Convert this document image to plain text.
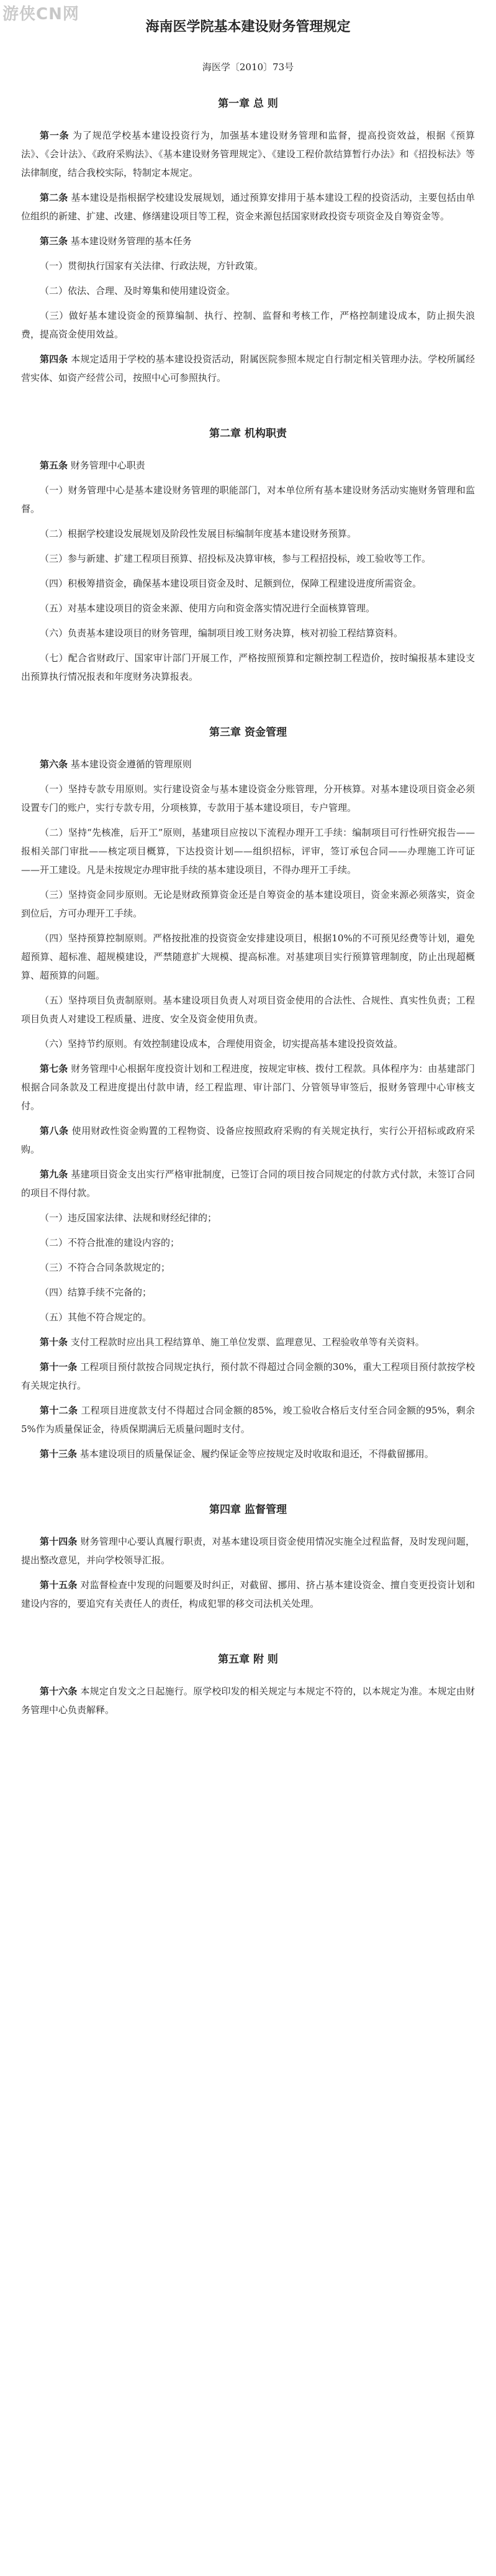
游侠CN网
海南医学院基本建设财务管理规定
海医学〔2010〕73号
第一章 总 则
第一条 为了规范学校基本建设投资行为，加强基本建设财务管理和监督，提高投资效益，根据《预算法》、《会计法》、《政府采购法》、《基本建设财务管理规定》、《建设工程价款结算暂行办法》和《招投标法》等法律制度，结合我校实际，特制定本规定。
第二条 基本建设是指根据学校建设发展规划，通过预算安排用于基本建设工程的投资活动，主要包括由单位组织的新建、扩建、改建、修缮建设项目等工程，资金来源包括国家财政投资专项资金及自筹资金等。
第三条 基本建设财务管理的基本任务
（一）贯彻执行国家有关法律、行政法规，方针政策。
（二）依法、合理、及时筹集和使用建设资金。
（三）做好基本建设资金的预算编制、执行、控制、监督和考核工作，严格控制建设成本，防止损失浪费，提高资金使用效益。
第四条 本规定适用于学校的基本建设投资活动，附属医院参照本规定自行制定相关管理办法。学校所属经营实体、如资产经营公司，按照中心可参照执行。
第二章 机构职责
第五条 财务管理中心职责
（一）财务管理中心是基本建设财务管理的职能部门，对本单位所有基本建设财务活动实施财务管理和监督。
（二）根据学校建设发展规划及阶段性发展目标编制年度基本建设财务预算。
（三）参与新建、扩建工程项目预算、招投标及决算审核，参与工程招投标，竣工验收等工作。
（四）积极筹措资金，确保基本建设项目资金及时、足额到位，保障工程建设进度所需资金。
（五）对基本建设项目的资金来源、使用方向和资金落实情况进行全面核算管理。
（六）负责基本建设项目的财务管理，编制项目竣工财务决算，核对初验工程结算资料。
（七）配合省财政厅、国家审计部门开展工作，严格按照预算和定额控制工程造价，按时编报基本建设支出预算执行情况报表和年度财务决算报表。
第三章 资金管理
第六条 基本建设资金遵循的管理原则
（一）坚持专款专用原则。实行建设资金与基本建设资金分账管理，分开核算。对基本建设项目资金必须设置专门的账户，实行专款专用，分项核算，专款用于基本建设项目，专户管理。
（二）坚持“先核准，后开工”原则，基建项目应按以下流程办理开工手续：编制项目可行性研究报告——报相关部门审批——核定项目概算，下达投资计划——组织招标，评审，签订承包合同——办理施工许可证——开工建设。凡是未按规定办理审批手续的基本建设项目，不得办理开工手续。
（三）坚持资金同步原则。无论是财政预算资金还是自筹资金的基本建设项目，资金来源必须落实，资金到位后，方可办理开工手续。
（四）坚持预算控制原则。严格按批准的投资资金安排建设项目，根据10%的不可预见经费等计划，避免超预算、超标准、超规模建设，严禁随意扩大规模、提高标准。对基建项目实行预算管理制度，防止出现超概算、超预算的问题。
（五）坚持项目负责制原则。基本建设项目负责人对项目资金使用的合法性、合规性、真实性负责；工程项目负责人对建设工程质量、进度、安全及资金使用负责。
（六）坚持节约原则。有效控制建设成本，合理使用资金，切实提高基本建设投资效益。
第七条 财务管理中心根据年度投资计划和工程进度，按规定审核、拨付工程款。具体程序为：由基建部门根据合同条款及工程进度提出付款申请，经工程监理、审计部门、分管领导审签后，报财务管理中心审核支付。
第八条 使用财政性资金购置的工程物资、设备应按照政府采购的有关规定执行，实行公开招标或政府采购。
第九条 基建项目资金支出实行严格审批制度，已签订合同的项目按合同规定的付款方式付款，未签订合同的项目不得付款。
（一）违反国家法律、法规和财经纪律的；
（二）不符合批准的建设内容的；
（三）不符合合同条款规定的；
（四）结算手续不完备的；
（五）其他不符合规定的。
第十条 支付工程款时应出具工程结算单、施工单位发票、监理意见、工程验收单等有关资料。
第十一条 工程项目预付款按合同规定执行，预付款不得超过合同金额的30%，重大工程项目预付款按学校有关规定执行。
第十二条 工程项目进度款支付不得超过合同金额的85%，竣工验收合格后支付至合同金额的95%，剩余5%作为质量保证金，待质保期满后无质量问题时支付。
第十三条 基本建设项目的质量保证金、履约保证金等应按规定及时收取和退还，不得截留挪用。
第四章 监督管理
第十四条 财务管理中心要认真履行职责，对基本建设项目资金使用情况实施全过程监督，及时发现问题，提出整改意见，并向学校领导汇报。
第十五条 对监督检查中发现的问题要及时纠正，对截留、挪用、挤占基本建设资金、擅自变更投资计划和建设内容的，要追究有关责任人的责任，构成犯罪的移交司法机关处理。
第五章 附 则
第十六条 本规定自发文之日起施行。原学校印发的相关规定与本规定不符的，以本规定为准。本规定由财务管理中心负责解释。
